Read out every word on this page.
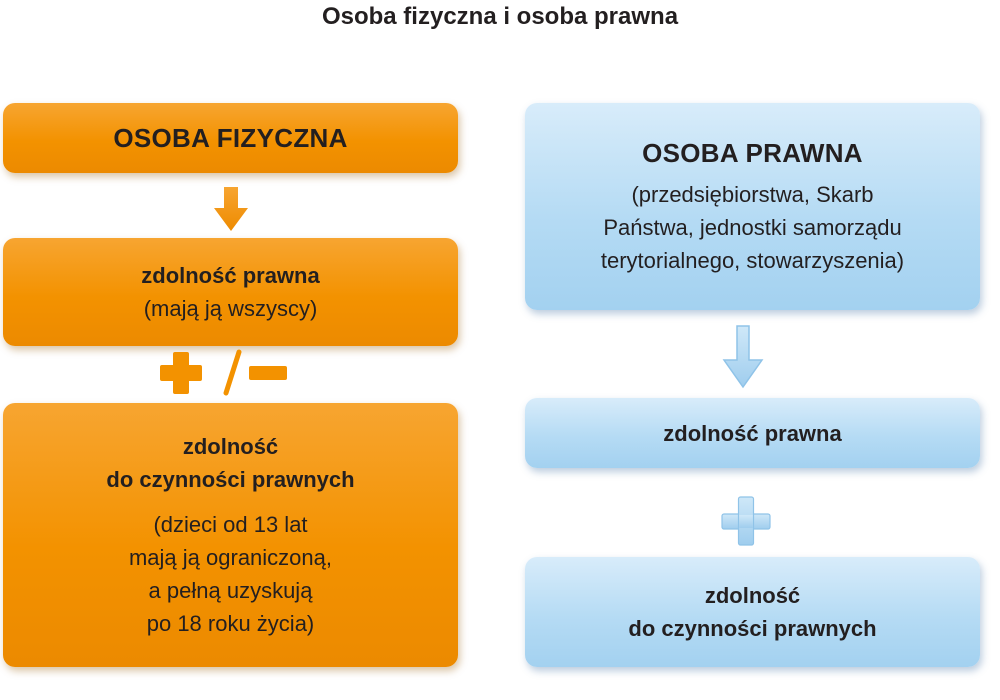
Osoba fizyczna i osoba prawna
OSOBA FIZYCZNA
zdolność prawna
(mają ją wszyscy)
zdolność
do czynności prawnych
(dzieci od 13 lat
mają ją ograniczoną,
a pełną uzyskują
po 18 roku życia)
OSOBA PRAWNA
(przedsiębiorstwa, Skarb
Państwa, jednostki samorządu
terytorialnego, stowarzyszenia)
zdolność prawna
zdolność
do czynności prawnych
